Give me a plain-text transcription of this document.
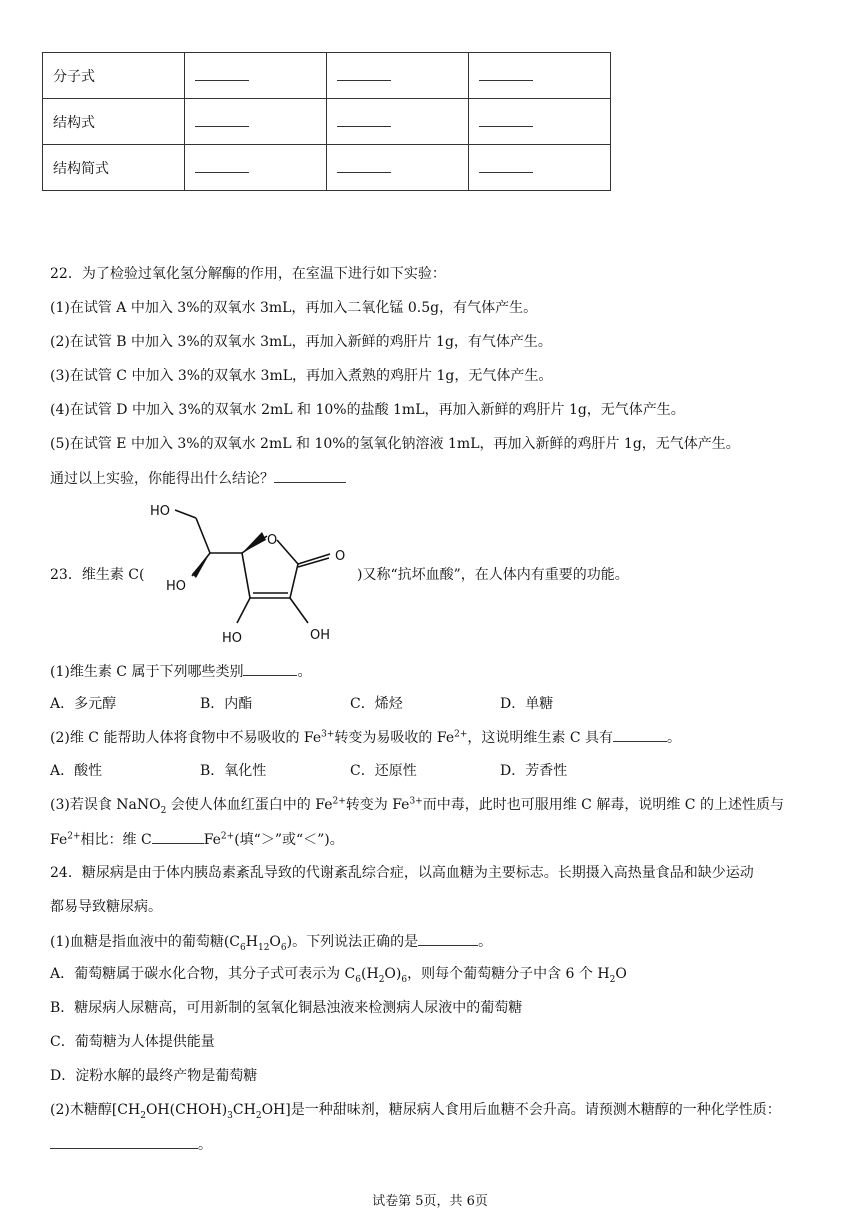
分子式			
结构式			
结构简式			
22．为了检验过氧化氢分解酶的作用，在室温下进行如下实验：
(1)在试管 A 中加入 3%的双氧水 3mL，再加入二氧化锰 0.5g，有气体产生。
(2)在试管 B 中加入 3%的双氧水 3mL，再加入新鲜的鸡肝片 1g，有气体产生。
(3)在试管 C 中加入 3%的双氧水 3mL，再加入煮熟的鸡肝片 1g，无气体产生。
(4)在试管 D 中加入 3%的双氧水 2mL 和 10%的盐酸 1mL，再加入新鲜的鸡肝片 1g，无气体产生。
(5)在试管 E 中加入 3%的双氧水 2mL 和 10%的氢氧化钠溶液 1mL，再加入新鲜的鸡肝片 1g，无气体产生。
通过以上实验，你能得出什么结论？
23．维生素 C(
HO
HO
O
O
HO	OH
)又称“抗坏血酸”，在人体内有重要的功能。
(1)维生素 C 属于下列哪些类别	。
A．多元醇	B．内酯	C．烯烃	D．单糖
(2)维 C 能帮助人体将食物中不易吸收的 $Fe^{3+}$转变为易吸收的 $Fe^{2+}$，这说明维生素 C 具有	。
A．酸性	B．氧化性	C．还原性	D．芳香性
(3)若误食 NaNO$_2$ 会使人体血红蛋白中的 $Fe^{2+}$转变为 $Fe^{3+}$而中毒，此时也可服用维 C 解毒，说明维 C 的上述性质与
$Fe^{2+}$相比：维 C	$Fe^{2+}$(填“＞”或“＜”)。
24．糖尿病是由于体内胰岛素紊乱导致的代谢紊乱综合症，以高血糖为主要标志。长期摄入高热量食品和缺少运动
都易导致糖尿病。
(1)血糖是指血液中的葡萄糖$(C_6H_{12}O_6)$。下列说法正确的是	。
A．葡萄糖属于碳水化合物，其分子式可表示为 $C_6(H_2O)_6$，则每个葡萄糖分子中含 6 个 $H_2O$
B．糖尿病人尿糖高，可用新制的氢氧化铜悬浊液来检测病人尿液中的葡萄糖
C．葡萄糖为人体提供能量
D．淀粉水解的最终产物是葡萄糖
(2)木糖醇$[CH_2OH(CHOH)_3CH_2OH]$是一种甜味剂，糖尿病人食用后血糖不会升高。请预测木糖醇的一种化学性质：
。
试卷第 5页，共 6页
